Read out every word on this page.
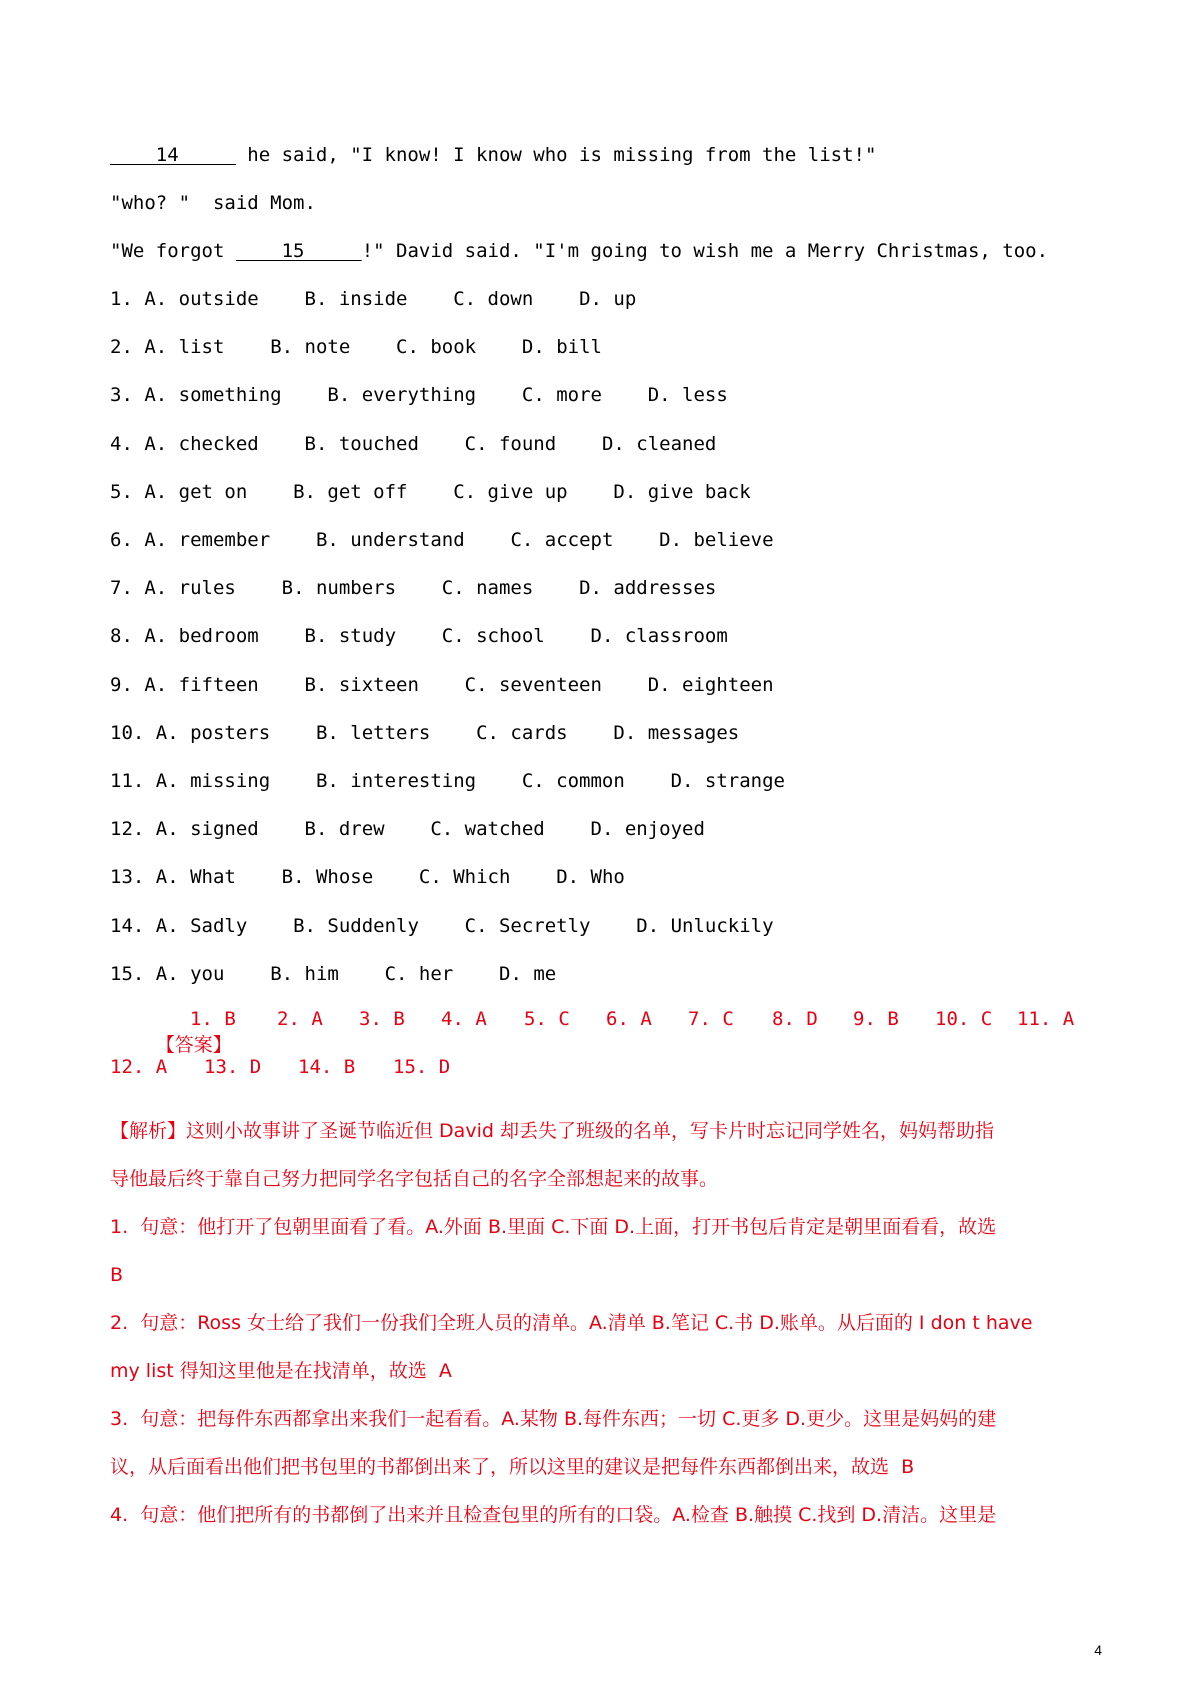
14      he said, "I know! I know who is missing from the list!"
"who? "  said Mom.
"We forgot     15     !" David said. "I'm going to wish me a Merry Christmas, too.
1. A. outside B. inside C. down D. up
2. A. list B. note C. book D. bill
3. A. something B. everything C. more D. less
4. A. checked B. touched C. found D. cleaned
5. A. get on B. get off C. give up D. give back
6. A. remember B. understand C. accept D. believe
7. A. rules B. numbers C. names D. addresses
8. A. bedroom B. study C. school D. classroom
9. A. fifteen B. sixteen C. seventeen D. eighteen
10. A. posters B. letters C. cards D. messages
11. A. missing B. interesting C. common D. strange
12. A. signed B. drew C. watched D. enjoyed
13. A. What B. Whose C. Which D. Who
14. A. Sadly B. Suddenly C. Secretly D. Unluckily
15. A. you B. him C. her D. me

【答案】

1. B 2. A 3. B 4. A 5. C 6. A 7. C 8. D 9. B 10. C 11. A
12. A 13. D 14. B 15. D
【解析】这则小故事讲了圣诞节临近但 David 却丢失了班级的名单，写卡片时忘记同学姓名，妈妈帮助指
导他最后终于靠自己努力把同学名字包括自己的名字全部想起来的故事。
1.  句意：他打开了包朝里面看了看。A.外面 B.里面 C.下面 D.上面，打开书包后肯定是朝里面看看，故选
B
2.  句意：Ross 女士给了我们一份我们全班人员的清单。A.清单 B.笔记 C.书 D.账单。从后面的 I don t have
my list 得知这里他是在找清单，故选  A
3.  句意：把每件东西都拿出来我们一起看看。A.某物 B.每件东西；一切 C.更多 D.更少。这里是妈妈的建
议，从后面看出他们把书包里的书都倒出来了，所以这里的建议是把每件东西都倒出来，故选  B
4.  句意：他们把所有的书都倒了出来并且检查包里的所有的口袋。A.检查 B.触摸 C.找到 D.清洁。这里是
4
